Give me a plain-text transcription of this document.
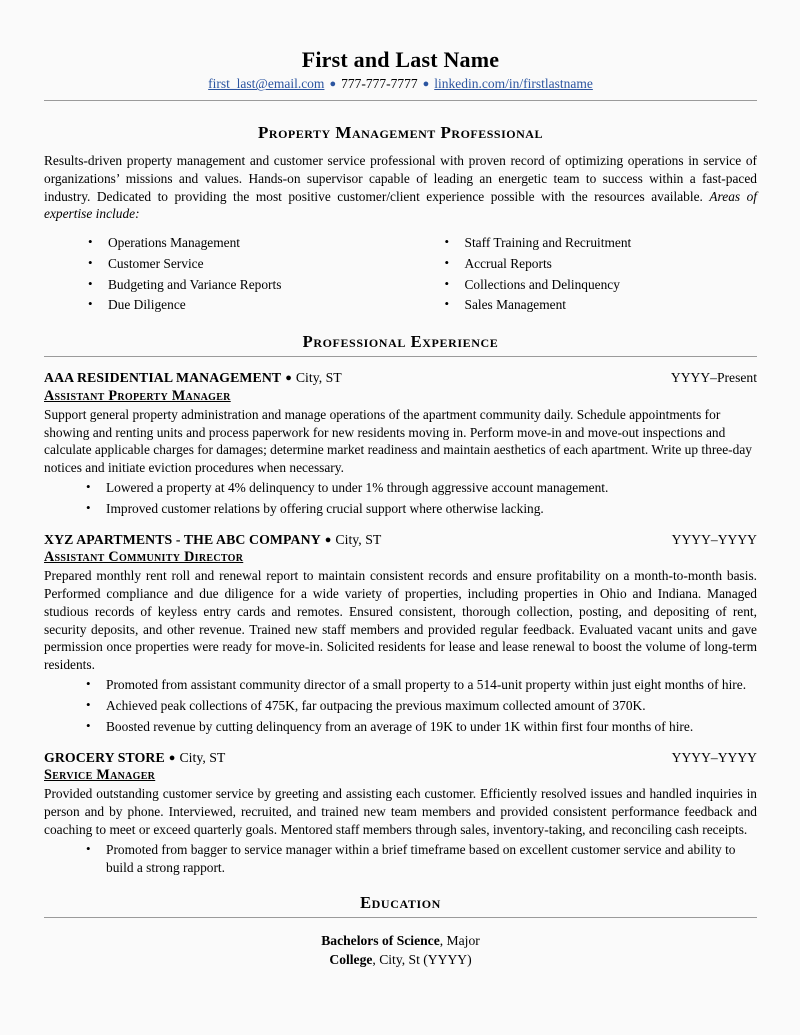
First and Last Name
first_last@email.com ● 777-777-7777 ● linkedin.com/in/firstlastname
Property Management Professional

Results-driven property management and customer service professional with proven record of optimizing operations in service of organizations’ missions and values. Hands-on supervisor capable of leading an energetic team to success within a fast-paced industry. Dedicated to providing the most positive customer/client experience possible with the resources available. Areas of expertise include:

• Operations Management
• Customer Service
• Budgeting and Variance Reports
• Due Diligence
• Staff Training and Recruitment
• Accrual Reports
• Collections and Delinquency
• Sales Management
Professional Experience
AAA RESIDENTIAL MANAGEMENT ● City, ST	YYYY–Present
Assistant Property Manager

Support general property administration and manage operations of the apartment community daily. Schedule appointments for showing and renting units and process paperwork for new residents moving in. Perform move-in and move-out inspections and calculate applicable charges for damages; determine market readiness and maintain aesthetics of each apartment. Write up three-day notices and initiate eviction procedures when necessary.

• Lowered a property at 4% delinquency to under 1% through aggressive account management.
• Improved customer relations by offering crucial support where otherwise lacking.
XYZ APARTMENTS - THE ABC COMPANY ● City, ST	YYYY–YYYY
Assistant Community Director

Prepared monthly rent roll and renewal report to maintain consistent records and ensure profitability on a month-to-month basis. Performed compliance and due diligence for a wide variety of properties, including properties in Ohio and Indiana. Managed studious records of keyless entry cards and remotes. Ensured consistent, thorough collection, posting, and depositing of rent, security deposits, and other revenue. Trained new staff members and provided regular feedback. Evaluated vacant units and gave permission once properties were ready for move-in. Solicited residents for lease and lease renewal to boost the volume of long-term residents.

• Promoted from assistant community director of a small property to a 514-unit property within just eight months of hire.
• Achieved peak collections of 475K, far outpacing the previous maximum collected amount of 370K.
• Boosted revenue by cutting delinquency from an average of 19K to under 1K within first four months of hire.
GROCERY STORE ● City, ST	YYYY–YYYY
Service Manager

Provided outstanding customer service by greeting and assisting each customer. Efficiently resolved issues and handled inquiries in person and by phone. Interviewed, recruited, and trained new team members and provided consistent performance feedback and coaching to meet or exceed quarterly goals. Mentored staff members through sales, inventory-taking, and reconciling cash receipts.

• Promoted from bagger to service manager within a brief timeframe based on excellent customer service and ability to build a strong rapport.
Education
Bachelors of Science, Major
College, City, St (YYYY)
